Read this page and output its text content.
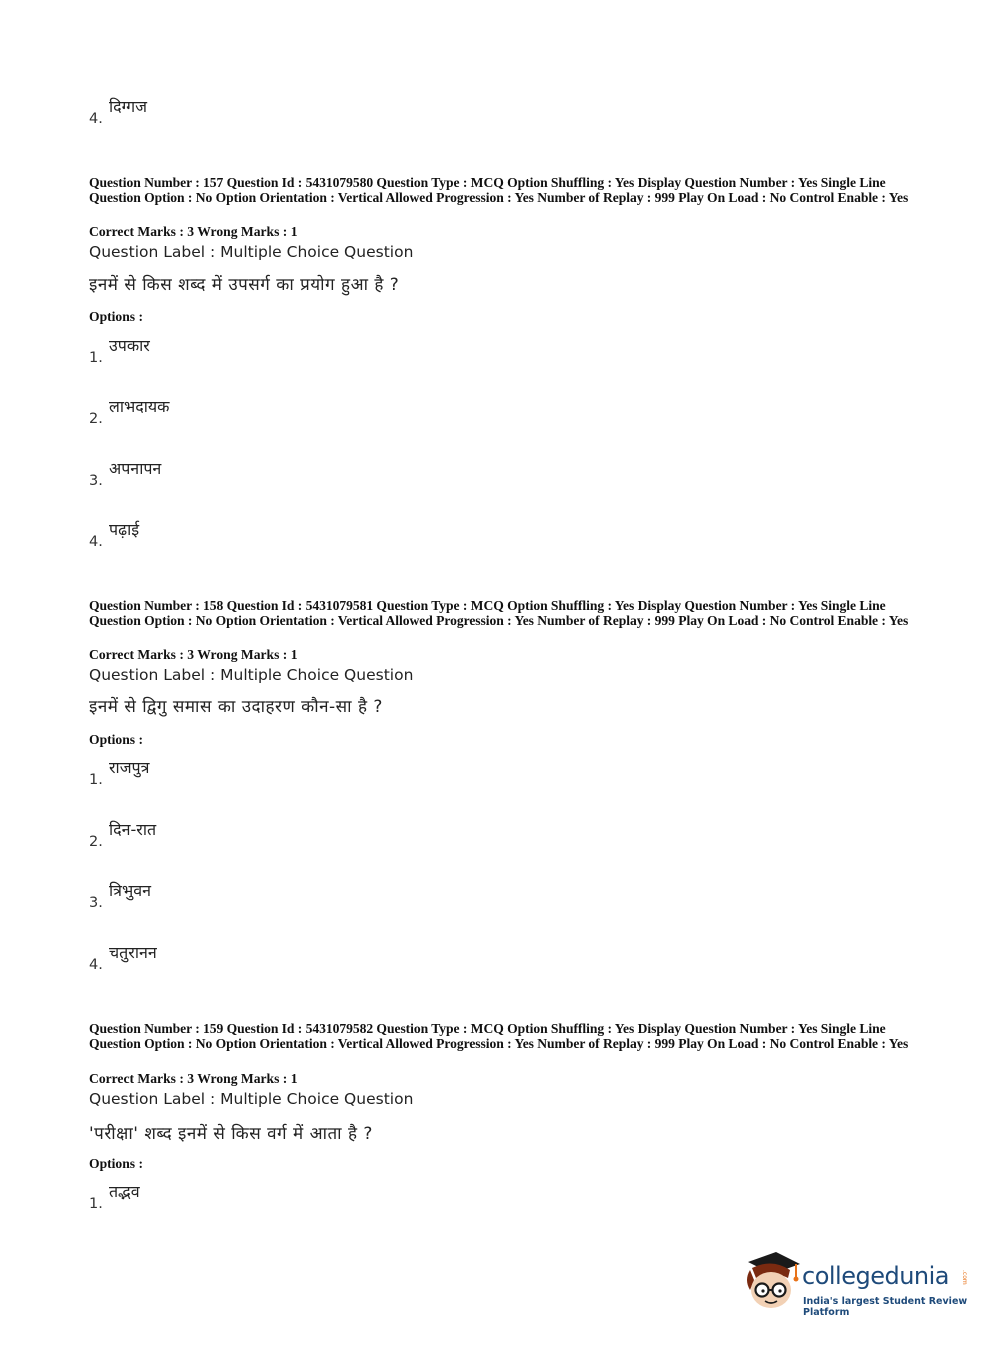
4.
दिग्गज
Question Number : 157 Question Id : 5431079580 Question Type : MCQ Option Shuffling : Yes Display Question Number : Yes Single Line Question Option : No Option Orientation : Vertical Allowed Progression : Yes Number of Replay : 999 Play On Load : No Control Enable : Yes
Correct Marks : 3 Wrong Marks : 1
Question Label : Multiple Choice Question
इनमें से किस शब्द में उपसर्ग का प्रयोग हुआ है ?
Options :
1.
उपकार
2.
लाभदायक
3.
अपनापन
4.
पढ़ाई
Question Number : 158 Question Id : 5431079581 Question Type : MCQ Option Shuffling : Yes Display Question Number : Yes Single Line Question Option : No Option Orientation : Vertical Allowed Progression : Yes Number of Replay : 999 Play On Load : No Control Enable : Yes
Correct Marks : 3 Wrong Marks : 1
Question Label : Multiple Choice Question
इनमें से द्विगु समास का उदाहरण कौन-सा है ?
Options :
1.
राजपुत्र
2.
दिन-रात
3.
त्रिभुवन
4.
चतुरानन
Question Number : 159 Question Id : 5431079582 Question Type : MCQ Option Shuffling : Yes Display Question Number : Yes Single Line Question Option : No Option Orientation : Vertical Allowed Progression : Yes Number of Replay : 999 Play On Load : No Control Enable : Yes
Correct Marks : 3 Wrong Marks : 1
Question Label : Multiple Choice Question
'परीक्षा' शब्द इनमें से किस वर्ग में आता है ?
Options :
1.
तद्भव
collegedunia .com
India's largest Student Review Platform
